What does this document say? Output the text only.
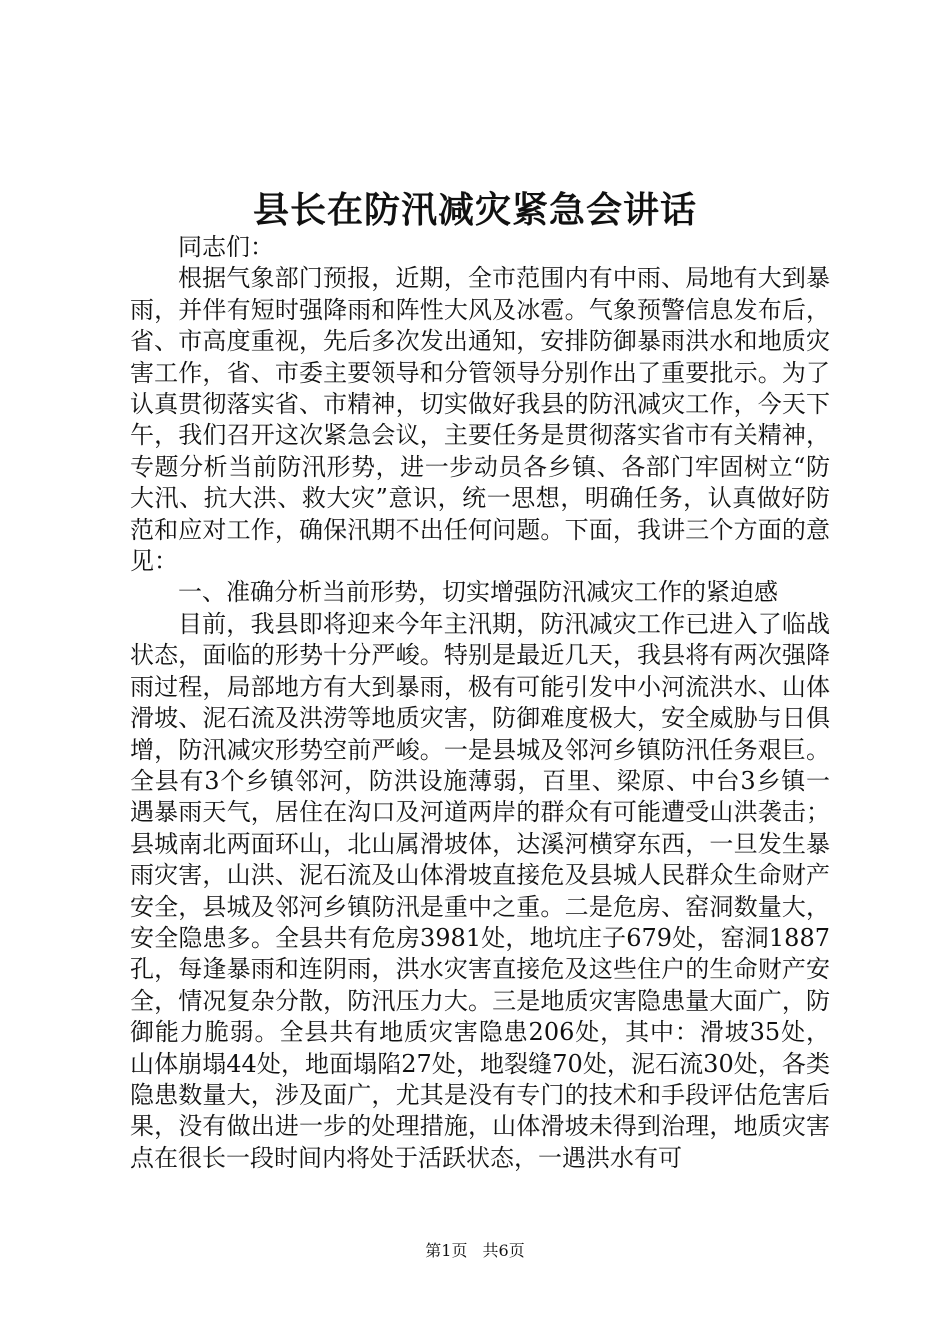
县长在防汛减灾紧急会讲话

同志们：

根据气象部门预报，近期，全市范围内有中雨、局地有大到暴雨，并伴有短时强降雨和阵性大风及冰雹。气象预警信息发布后，省、市高度重视，先后多次发出通知，安排防御暴雨洪水和地质灾害工作，省、市委主要领导和分管领导分别作出了重要批示。为了认真贯彻落实省、市精神，切实做好我县的防汛减灾工作，今天下午，我们召开这次紧急会议，主要任务是贯彻落实省市有关精神，专题分析当前防汛形势，进一步动员各乡镇、各部门牢固树立“防大汛、抗大洪、救大灾”意识，统一思想，明确任务，认真做好防范和应对工作，确保汛期不出任何问题。下面，我讲三个方面的意见：

一、准确分析当前形势，切实增强防汛减灾工作的紧迫感

目前，我县即将迎来今年主汛期，防汛减灾工作已进入了临战状态，面临的形势十分严峻。特别是最近几天，我县将有两次强降雨过程，局部地方有大到暴雨，极有可能引发中小河流洪水、山体滑坡、泥石流及洪涝等地质灾害，防御难度极大，安全威胁与日俱增，防汛减灾形势空前严峻。一是县城及邻河乡镇防汛任务艰巨。全县有3个乡镇邻河，防洪设施薄弱，百里、梁原、中台3乡镇一遇暴雨天气，居住在沟口及河道两岸的群众有可能遭受山洪袭击；县城南北两面环山，北山属滑坡体，达溪河横穿东西，一旦发生暴雨灾害，山洪、泥石流及山体滑坡直接危及县城人民群众生命财产安全，县城及邻河乡镇防汛是重中之重。二是危房、窑洞数量大，安全隐患多。全县共有危房3981处，地坑庄子679处，窑洞1887孔，每逢暴雨和连阴雨，洪水灾害直接危及这些住户的生命财产安全，情况复杂分散，防汛压力大。三是地质灾害隐患量大面广，防御能力脆弱。全县共有地质灾害隐患206处，其中：滑坡35处，山体崩塌44处，地面塌陷27处，地裂缝70处，泥石流30处，各类隐患数量大，涉及面广，尤其是没有专门的技术和手段评估危害后果，没有做出进一步的处理措施，山体滑坡未得到治理，地质灾害点在很长一段时间内将处于活跃状态，一遇洪水有可

第1页 共6页
